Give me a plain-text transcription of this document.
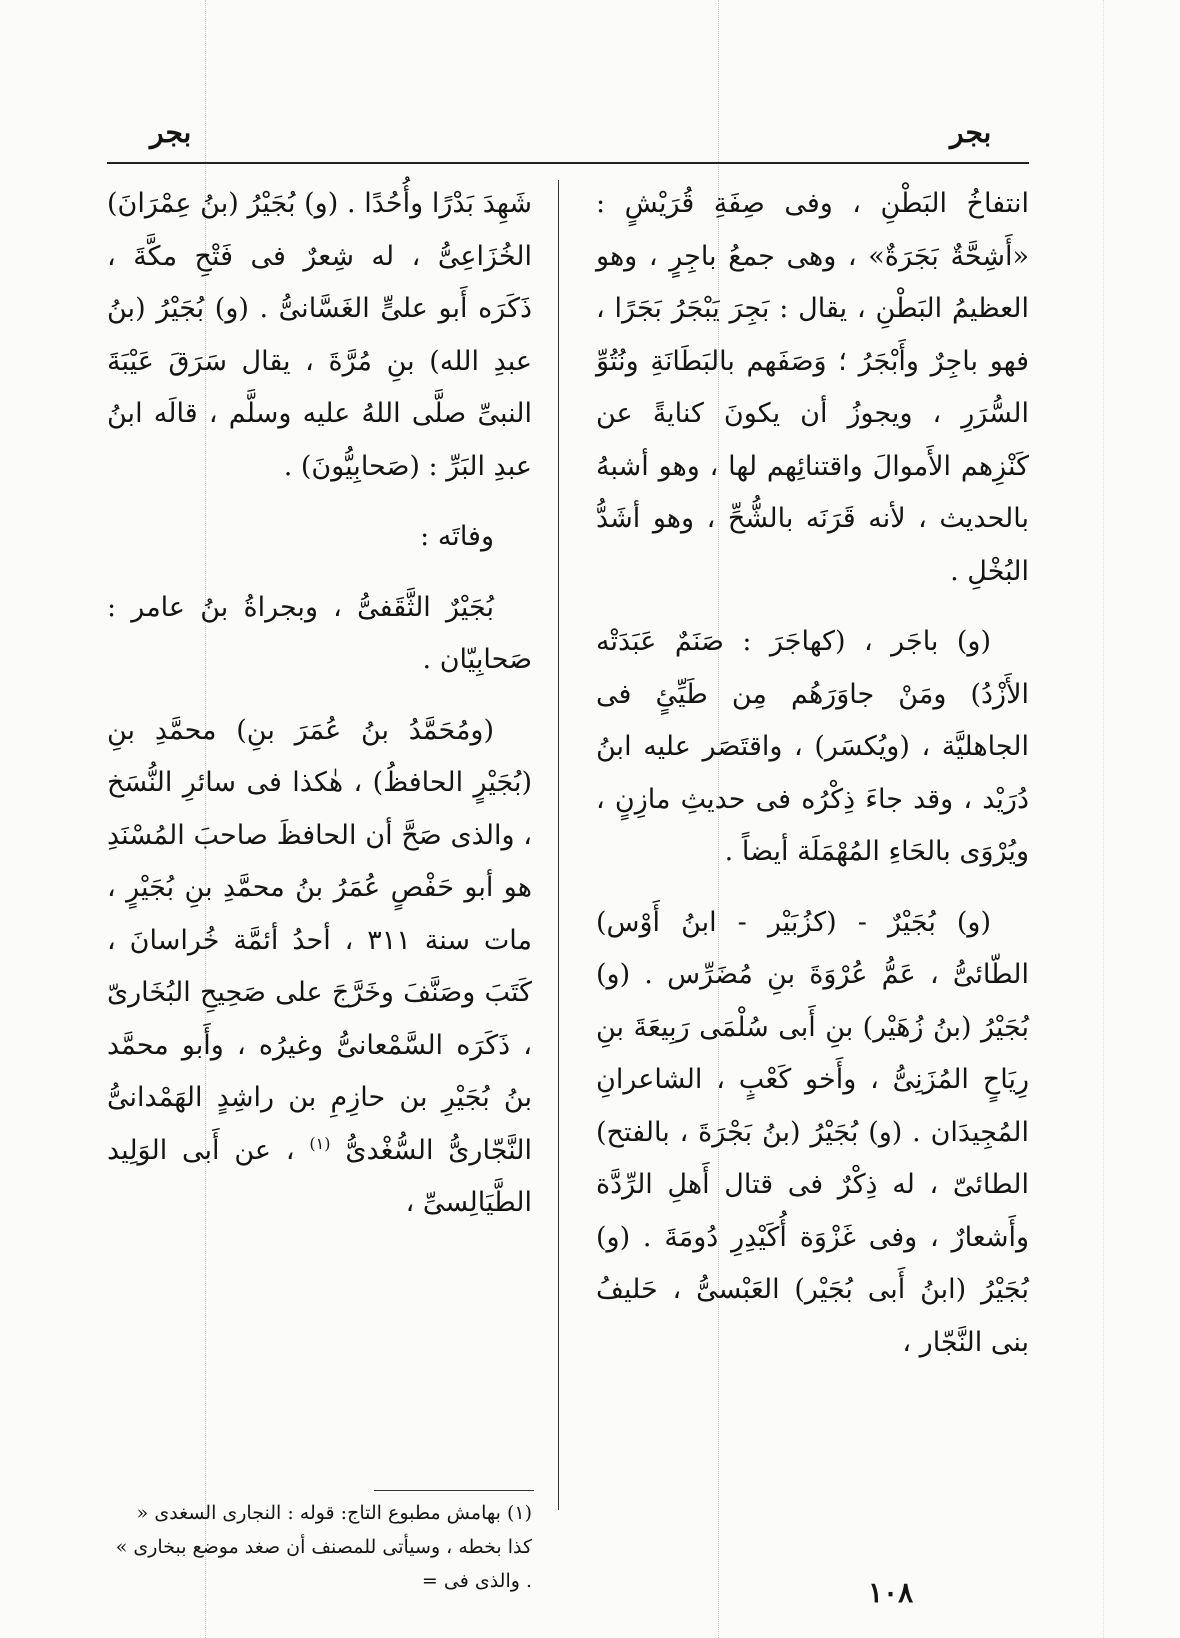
بجر	بجر

انتفاخُ البَطْنِ ، وفى صِفَةِ قُرَيْشٍ : «أَشِحَّةٌ بَجَرَةٌ» ، وهى جمعُ باجِرٍ ، وهو العظيمُ البَطْنِ ، يقال : بَجِرَ يَبْجَرُ بَجَرًا ، فهو باجِرٌ وأَبْجَرُ ؛ وَصَفَهم بالبَطَانَةِ ونُتُوِّ السُّرَرِ ، ويجوزُ أن يكونَ كنايةً عن كَنْزِهم الأَموالَ واقتنائِهم لها ، وهو أشبهُ بالحديث ، لأنه قَرَنَه بالشُّحِّ ، وهو أشَدُّ البُخْلِ .

(و) باجَر ، (كهاجَرَ : صَنَمٌ عَبَدَتْه الأَزْدُ) ومَنْ جاوَرَهُم مِن طَيِّئٍ فى الجاهليَّة ، (ويُكسَر) ، واقتَصَر عليه ابنُ دُرَيْد ، وقد جاءَ ذِكْرُه فى حديثِ مازِنٍ ، ويُرْوَى بالحَاءِ المُهْمَلَة أيضاً .

(و) بُجَيْرٌ - (كزُبَيْر - ابنُ أَوْس) الطّائىُّ ، عَمُّ عُرْوَةَ بنِ مُضَرِّس . (و) بُجَيْرُ (بنُ زُهَيْر) بنِ أَبى سُلْمَى رَبِيعَةَ بنِ رِيَاحٍ المُزَنِىُّ ، وأَخو كَعْبٍ ، الشاعرانِ المُجِيدَان . (و) بُجَيْرُ (بنُ بَجْرَةَ ، بالفتح) الطائىّ ، له ذِكْرٌ فى قتال أَهلِ الرِّدَّة وأَشعارٌ ، وفى غَزْوَة أُكَيْدِرِ دُومَةَ . (و) بُجَيْرُ (ابنُ أَبى بُجَيْر) العَبْسىُّ ، حَليفُ بنى النَّجّار ،

شَهِدَ بَدْرًا وأُحُدًا . (و) بُجَيْرُ (بنُ عِمْرَانَ) الخُزَاعِىُّ ، له شِعرٌ فى فَتْحِ مكَّةَ ، ذَكَرَه أَبو علىٍّ الغَسَّانىُّ . (و) بُجَيْرُ (بنُ عبدِ الله) بنِ مُرَّةَ ، يقال سَرَقَ عَيْبَةَ النبىِّ صلَّى اللهُ عليه وسلَّم ، قالَه ابنُ عبدِ البَرِّ : (صَحابِيُّونَ) .

وفاتَه :

بُجَيْرٌ الثَّقَفىُّ ، وبجراةُ بنُ عامر : صَحابِيّان .

(ومُحَمَّدُ بنُ عُمَرَ بنِ) محمَّدِ بنِ (بُجَيْرٍ الحافظُ) ، هٰكذا فى سائرِ النُّسَخ ، والذى صَحَّ أن الحافظَ صاحبَ المُسْنَدِ هو أبو حَفْصٍ عُمَرُ بنُ محمَّدِ بنِ بُجَيْرٍ ، مات سنة ٣١١ ، أحدُ أئمَّة خُراسانَ ، كَتَبَ وصَنَّفَ وخَرَّجَ على صَحِيحِ البُخَارىّ ، ذَكَرَه السَّمْعانىُّ وغيرُه ، وأَبو محمَّد بنُ بُجَيْرِ بن حازِمِ بن راشِدٍ الهَمْدانىُّ النَّجّارىُّ السُّغْدىُّ $^{(١)}$ ، عن أَبى الوَلِيد الطَّيَالِسىِّ ،

(١) بهامش مطبوع التاج: قوله : النجارى السغدى « كذا بخطه ، وسيأتى للمصنف أن صغد موضع ببخارى » . والذى فى =	١٠٨
